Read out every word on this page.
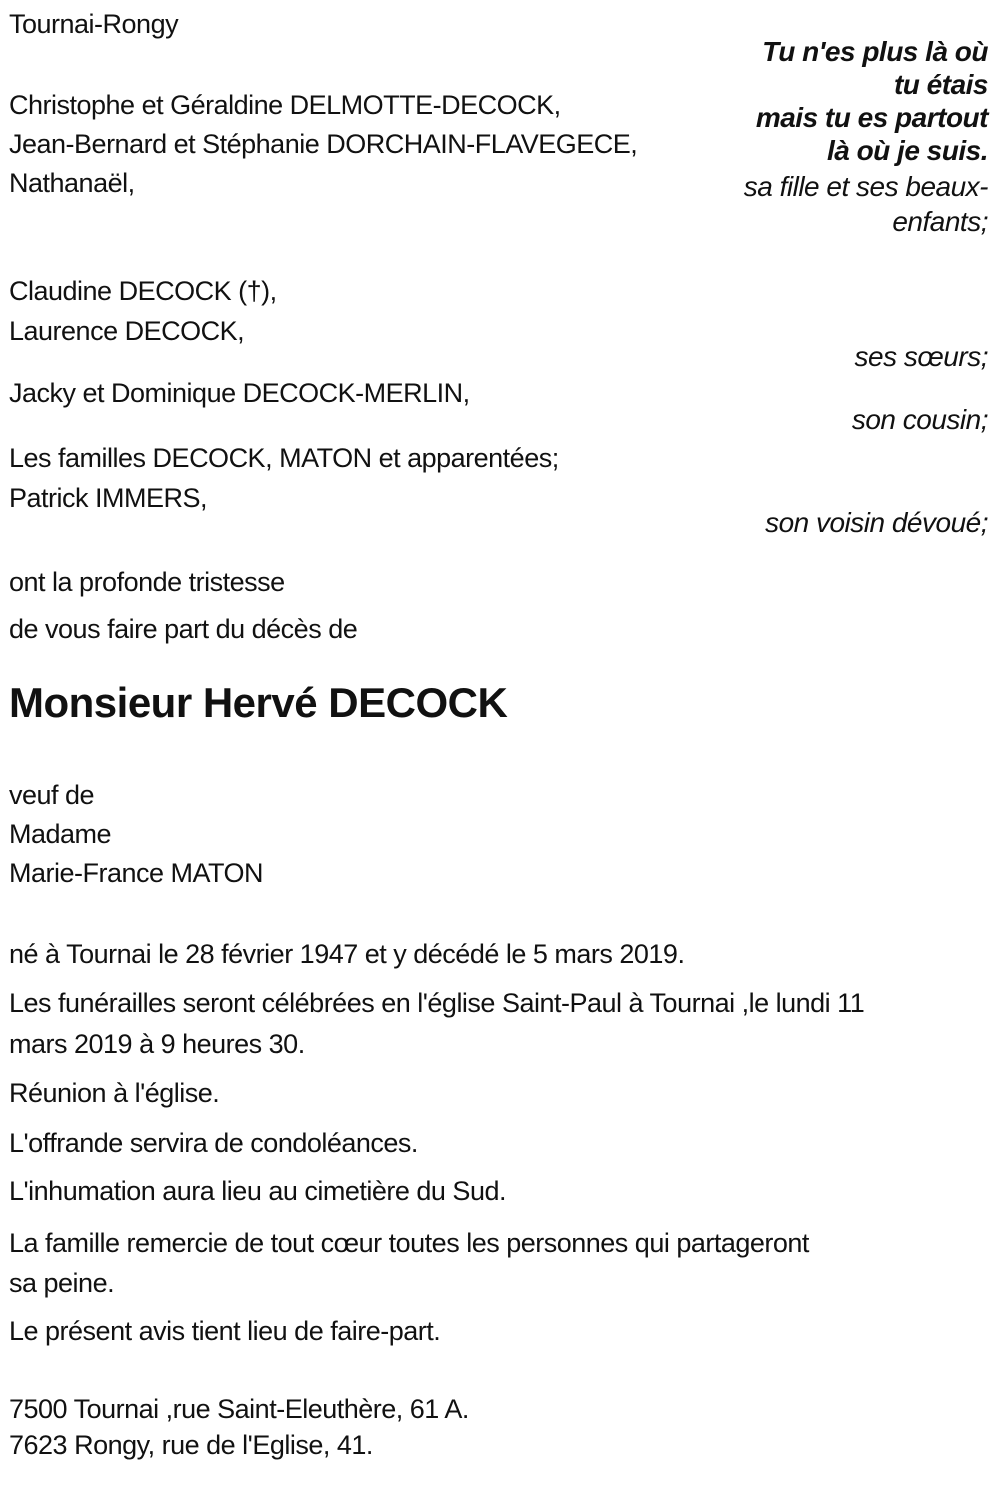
Tournai-Rongy
Tu n'es plus là où
tu étais
mais tu es partout
là où je suis.
sa fille et ses beaux-
enfants;
Christophe et Géraldine DELMOTTE-DECOCK,
Jean-Bernard et Stéphanie DORCHAIN-FLAVEGECE,
Nathanaël,
Claudine DECOCK (†),
Laurence DECOCK,
ses sœurs;
Jacky et Dominique DECOCK-MERLIN,
son cousin;
Les familles DECOCK, MATON et apparentées;
Patrick IMMERS,
son voisin dévoué;
ont la profonde tristesse
de vous faire part du décès de
Monsieur Hervé DECOCK
veuf de
Madame
Marie-France MATON
né à Tournai le 28 février 1947 et y décédé le 5 mars 2019.
Les funérailles seront célébrées en l'église Saint-Paul à Tournai ,le lundi 11
mars 2019 à 9 heures 30.
Réunion à l'église.
L'offrande servira de condoléances.
L'inhumation aura lieu au cimetière du Sud.
La famille remercie de tout cœur toutes les personnes qui partageront
sa peine.
Le présent avis tient lieu de faire-part.
7500 Tournai ,rue Saint-Eleuthère, 61 A.
7623 Rongy, rue de l'Eglise, 41.
